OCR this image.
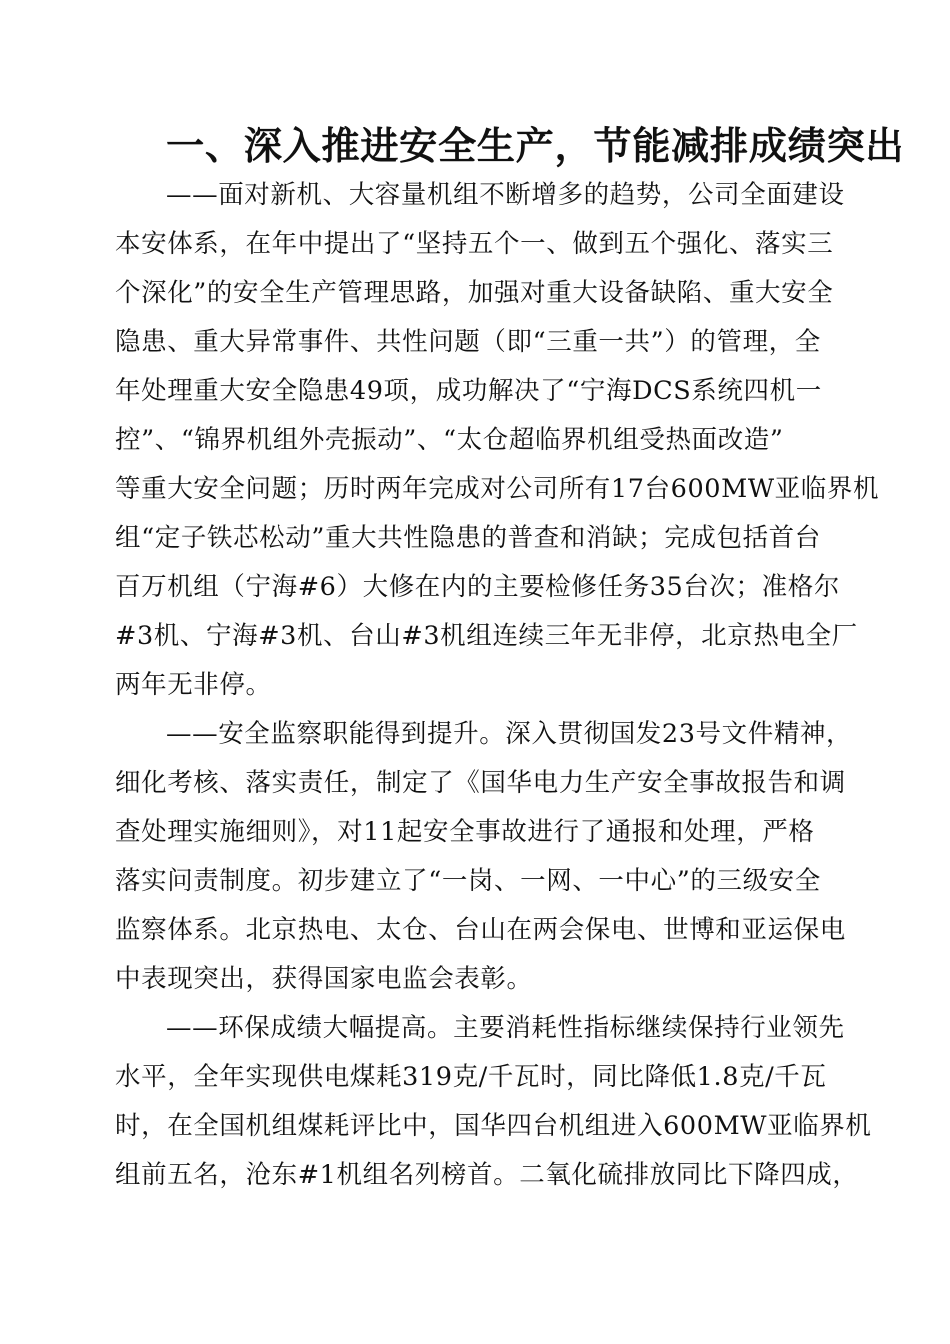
一、深入推进安全生产，节能减排成绩突出

——面对新机、大容量机组不断增多的趋势，公司全面建设
本安体系，在年中提出了“坚持五个一、做到五个强化、落实三
个深化”的安全生产管理思路，加强对重大设备缺陷、重大安全
隐患、重大异常事件、共性问题（即“三重一共”）的管理，全
年处理重大安全隐患49项，成功解决了“宁海DCS系统四机一
控”、“锦界机组外壳振动”、“太仓超临界机组受热面改造”
等重大安全问题；历时两年完成对公司所有17台600MW亚临界机
组“定子铁芯松动”重大共性隐患的普查和消缺；完成包括首台
百万机组（宁海#6）大修在内的主要检修任务35台次；准格尔
#3机、宁海#3机、台山#3机组连续三年无非停，北京热电全厂
两年无非停。

——安全监察职能得到提升。深入贯彻国发23号文件精神，
细化考核、落实责任，制定了《国华电力生产安全事故报告和调
查处理实施细则》，对11起安全事故进行了通报和处理，严格
落实问责制度。初步建立了“一岗、一网、一中心”的三级安全
监察体系。北京热电、太仓、台山在两会保电、世博和亚运保电
中表现突出，获得国家电监会表彰。

——环保成绩大幅提高。主要消耗性指标继续保持行业领先
水平，全年实现供电煤耗319克/千瓦时，同比降低1.8克/千瓦
时，在全国机组煤耗评比中，国华四台机组进入600MW亚临界机
组前五名，沧东#1机组名列榜首。二氧化硫排放同比下降四成，
